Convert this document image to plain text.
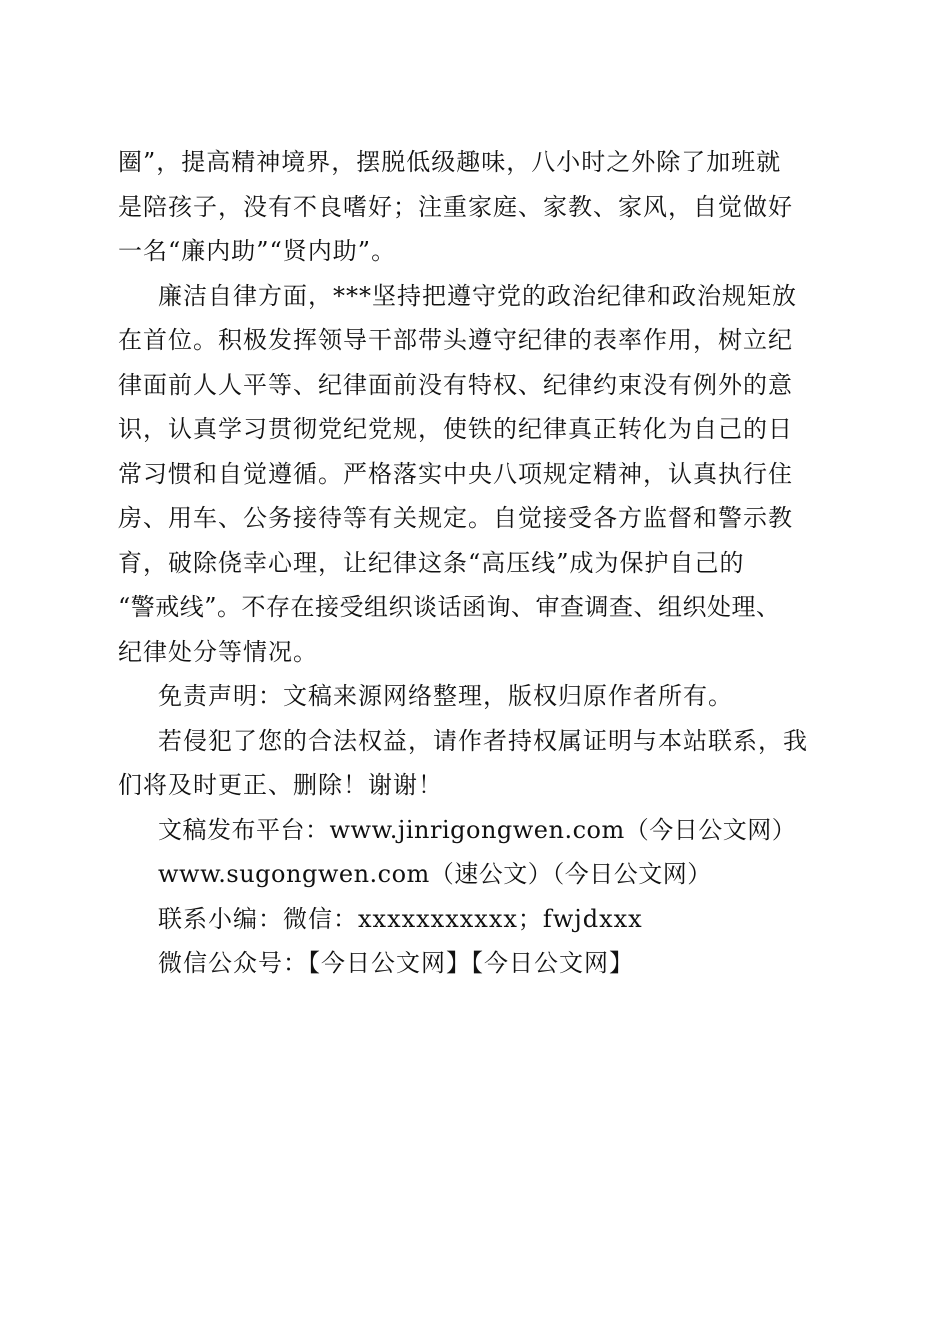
圈”，提高精神境界，摆脱低级趣味，八小时之外除了加班就
是陪孩子，没有不良嗜好；注重家庭、家教、家风，自觉做好
一名“廉内助”“贤内助”。
廉洁自律方面，***坚持把遵守党的政治纪律和政治规矩放
在首位。积极发挥领导干部带头遵守纪律的表率作用，树立纪
律面前人人平等、纪律面前没有特权、纪律约束没有例外的意
识，认真学习贯彻党纪党规，使铁的纪律真正转化为自己的日
常习惯和自觉遵循。严格落实中央八项规定精神，认真执行住
房、用车、公务接待等有关规定。自觉接受各方监督和警示教
育，破除侥幸心理，让纪律这条“高压线”成为保护自己的
“警戒线”。不存在接受组织谈话函询、审查调查、组织处理、
纪律处分等情况。
免责声明：文稿来源网络整理，版权归原作者所有。
若侵犯了您的合法权益，请作者持权属证明与本站联系，我
们将及时更正、删除！谢谢！
文稿发布平台：www.jinrigongwen.com（今日公文网）
www.sugongwen.com（速公文）（今日公文网）
联系小编：微信：xxxxxxxxxxx；fwjdxxx
微信公众号：【今日公文网】【今日公文网】
